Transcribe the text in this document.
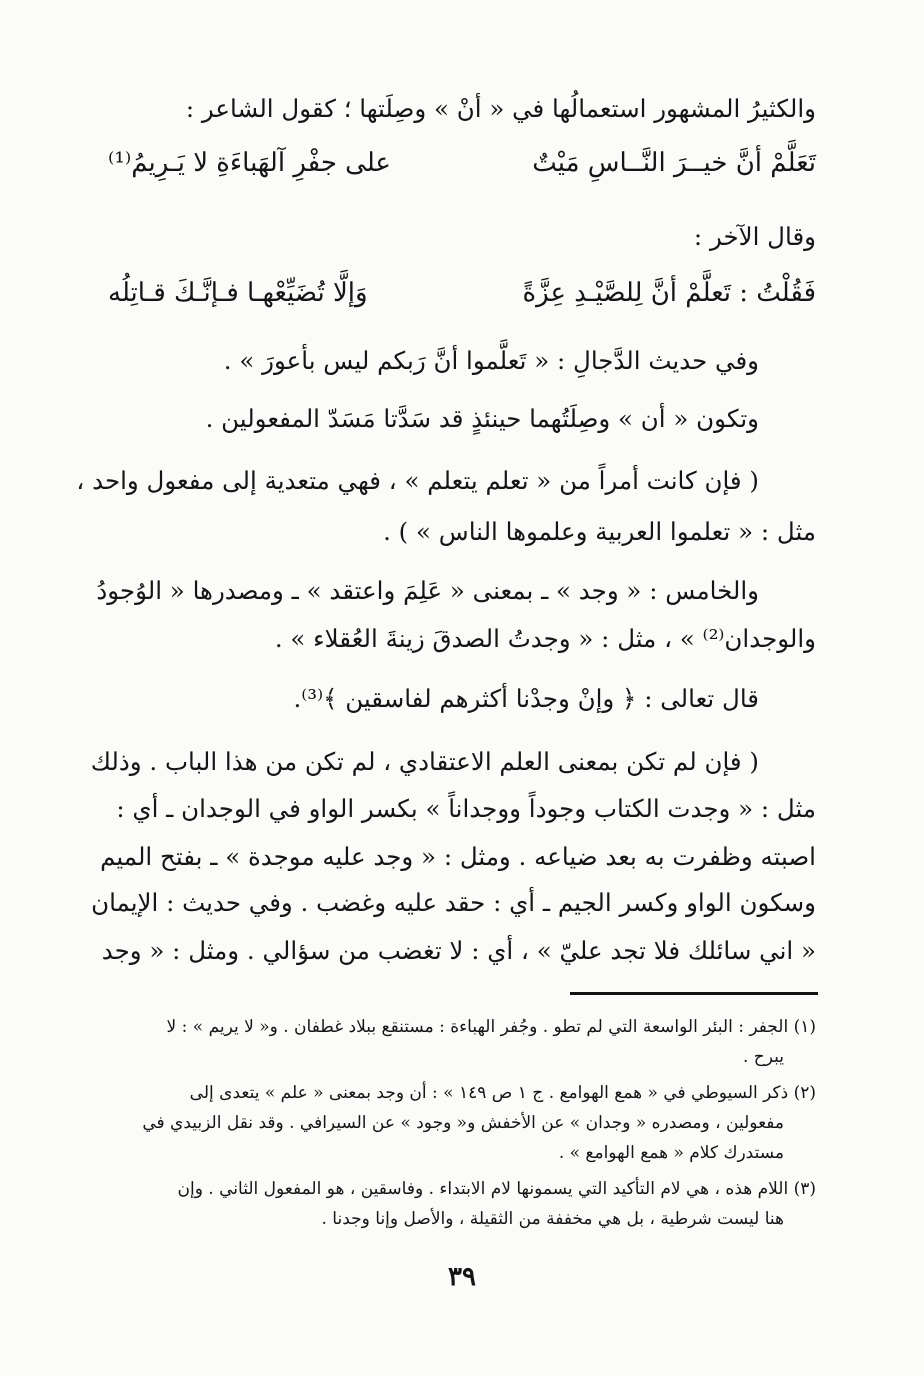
والكثيرُ المشهور استعمالُها في « أنْ » وصِلَتها ؛ كقول الشاعر :
تَعَلَّمْ أنَّ خيــرَ النَّــاسِ مَيْتٌ
على جفْرِ آلهَباءَةِ لا يَـرِيمُ⁽¹⁾
وقال الآخر :
فَقُلْتُ : تَعلَّمْ أنَّ لِلصَّيْـدِ عِزَّةً
وَإلَّا تُضَيِّعْهـا فـإنَّـكَ قـاتِلُه
وفي حديث الدَّجالِ : « تَعلَّموا أنَّ رَبكم ليس بأعورَ » .
وتكون « أن » وصِلَتُهما حينئذٍ قد سَدَّتا مَسَدّ المفعولين .
( فإن كانت أمراً من « تعلم يتعلم » ، فهي متعدية إلى مفعول واحد ،
مثل : « تعلموا العربية وعلموها الناس » ) .
والخامس : « وجد » ـ بمعنى « عَلِمَ واعتقد » ـ ومصدرها « الوُجودُ
والوجدان⁽²⁾ » ، مثل : « وجدتُ الصدقَ زينةَ العُقلاء » .
قال تعالى : ﴿ وإنْ وجدْنا أكثرهم لفاسقين ﴾⁽³⁾.
( فإن لم تكن بمعنى العلم الاعتقادي ، لم تكن من هذا الباب . وذلك
مثل : « وجدت الكتاب وجوداً ووجداناً » بكسر الواو في الوجدان ـ أي :
اصبته وظفرت به بعد ضياعه . ومثل : « وجد عليه موجدة » ـ بفتح الميم
وسكون الواو وكسر الجيم ـ أي : حقد عليه وغضب . وفي حديث : الإيمان
« اني سائلك فلا تجد عليّ » ، أي : لا تغضب من سؤالي . ومثل : « وجد
(١) الجفر : البئر الواسعة التي لم تطو . وجُفر الهباءة : مستنقع ببلاد غطفان . و« لا يريم » : لا
يبرح .
(٢) ذكر السيوطي في « همع الهوامع . ج ١ ص ١٤٩ » : أن وجد بمعنى « علم » يتعدى إلى
مفعولين ، ومصدره « وجدان » عن الأخفش و« وجود » عن السيرافي . وقد نقل الزبيدي في
مستدرك كلام « همع الهوامع » .
(٣) اللام هذه ، هي لام التأكيد التي يسمونها لام الابتداء . وفاسقين ، هو المفعول الثاني . وإن
هنا ليست شرطية ، بل هي مخففة من الثقيلة ، والأصل وإنا وجدنا .
٣٩
